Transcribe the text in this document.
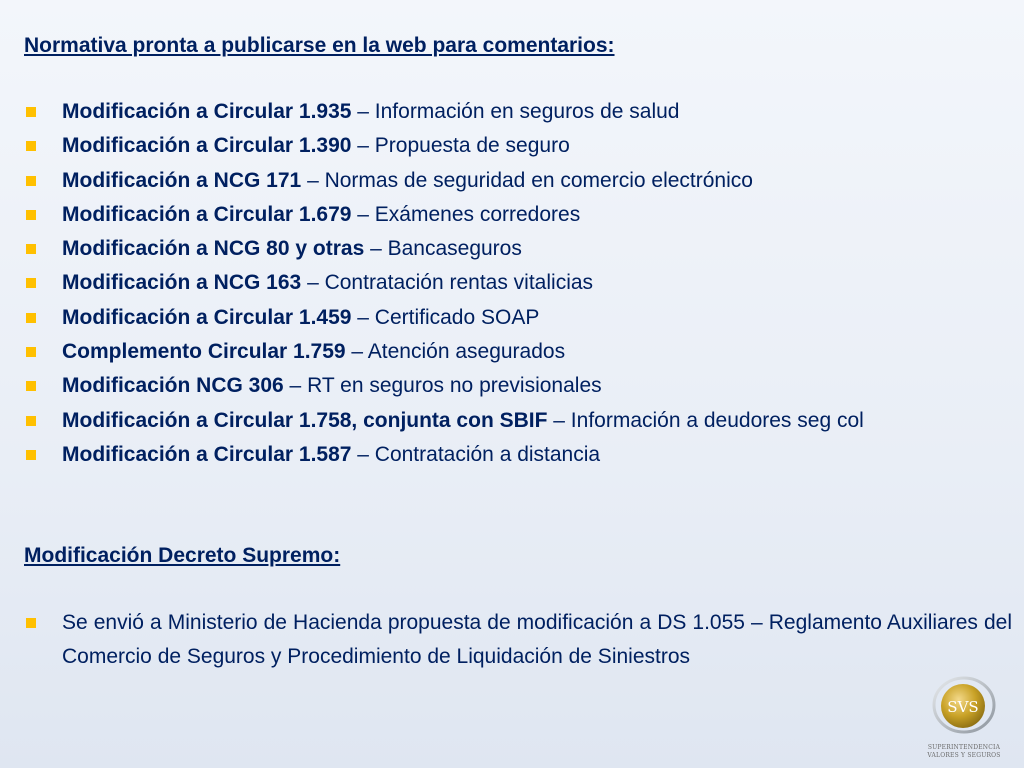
Normativa pronta a publicarse en la web para comentarios:
Modificación a Circular 1.935 – Información en seguros de salud
Modificación a Circular 1.390 – Propuesta de seguro
Modificación a NCG 171 – Normas de seguridad en comercio electrónico
Modificación a Circular 1.679 – Exámenes corredores
Modificación a NCG 80 y otras – Bancaseguros
Modificación a NCG 163 – Contratación rentas vitalicias
Modificación a Circular 1.459 – Certificado SOAP
Complemento Circular 1.759 – Atención asegurados
Modificación NCG 306 – RT en seguros no previsionales
Modificación a Circular 1.758, conjunta con SBIF – Información a deudores seg col
Modificación a Circular 1.587 – Contratación a distancia
Modificación Decreto Supremo:
Se envió a Ministerio de Hacienda propuesta de modificación a DS 1.055 – Reglamento Auxiliares del Comercio de Seguros y Procedimiento de Liquidación de Siniestros
SVS
SUPERINTENDENCIA
VALORES Y SEGUROS
